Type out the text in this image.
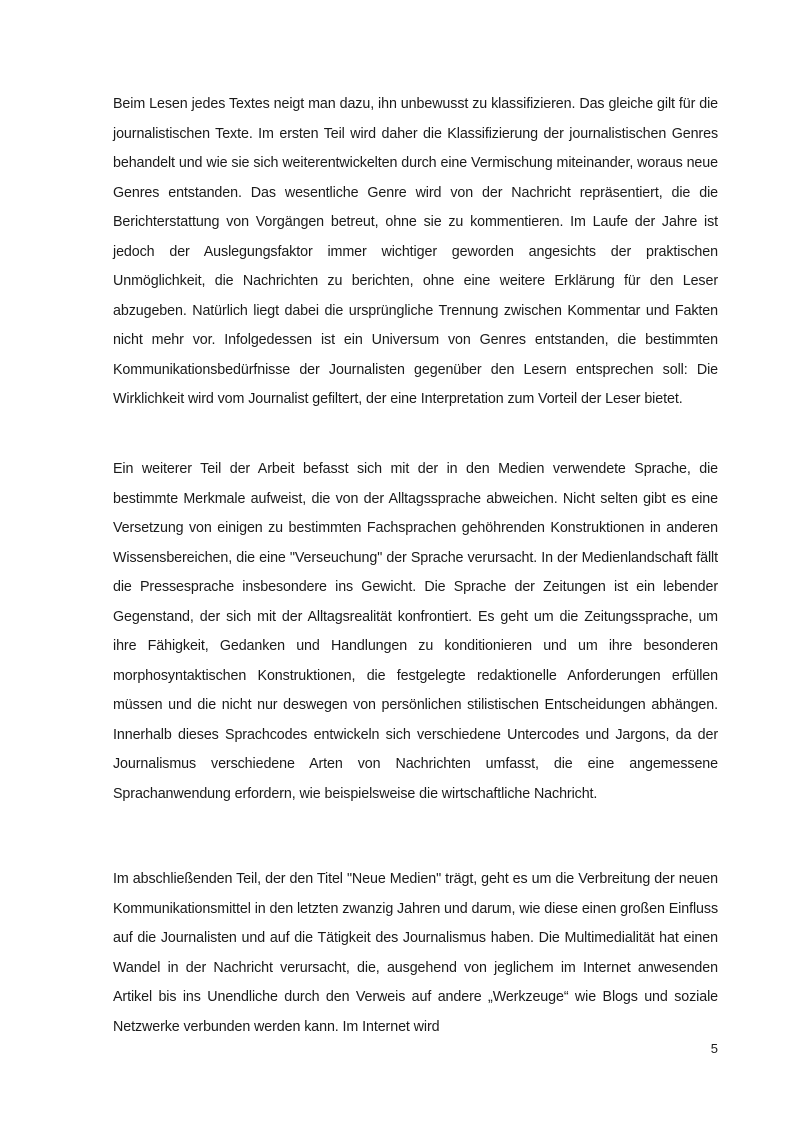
Beim Lesen jedes Textes neigt man dazu, ihn unbewusst zu klassifizieren. Das gleiche gilt für die journalistischen Texte. Im ersten Teil wird daher die Klassifizierung der journalistischen Genres behandelt und wie sie sich weiterentwickelten durch eine Vermischung miteinander, woraus neue Genres entstanden. Das wesentliche Genre wird von der Nachricht repräsentiert, die die Berichterstattung von Vorgängen betreut, ohne sie zu kommentieren. Im Laufe der Jahre ist jedoch der Auslegungsfaktor immer wichtiger geworden angesichts der praktischen Unmöglichkeit, die Nachrichten zu berichten, ohne eine weitere Erklärung für den Leser abzugeben. Natürlich liegt dabei die ursprüngliche Trennung zwischen Kommentar und Fakten nicht mehr vor. Infolgedessen ist ein Universum von Genres entstanden, die bestimmten Kommunikationsbedürfnisse der Journalisten gegenüber den Lesern entsprechen soll: Die Wirklichkeit wird vom Journalist gefiltert, der eine Interpretation zum Vorteil der Leser bietet.

Ein weiterer Teil der Arbeit befasst sich mit der in den Medien verwendete Sprache, die bestimmte Merkmale aufweist, die von der Alltagssprache abweichen. Nicht selten gibt es eine Versetzung von einigen zu bestimmten Fachsprachen gehöhrenden Konstruktionen in anderen Wissensbereichen, die eine "Verseuchung" der Sprache verursacht. In der Medienlandschaft fällt die Pressesprache insbesondere ins Gewicht. Die Sprache der Zeitungen ist ein lebender Gegenstand, der sich mit der Alltagsrealität konfrontiert. Es geht um die Zeitungssprache, um ihre Fähigkeit, Gedanken und Handlungen zu konditionieren und um ihre besonderen morphosyntaktischen Konstruktionen, die festgelegte redaktionelle Anforderungen erfüllen müssen und die nicht nur deswegen von persönlichen stilistischen Entscheidungen abhängen. Innerhalb dieses Sprachcodes entwickeln sich verschiedene Untercodes und Jargons, da der Journalismus verschiedene Arten von Nachrichten umfasst, die eine angemessene Sprachanwendung erfordern, wie beispielsweise die wirtschaftliche Nachricht.

Im abschließenden Teil, der den Titel "Neue Medien" trägt, geht es um die Verbreitung der neuen Kommunikationsmittel in den letzten zwanzig Jahren und darum, wie diese einen großen Einfluss auf die Journalisten und auf die Tätigkeit des Journalismus haben. Die Multimedialität hat einen Wandel in der Nachricht verursacht, die, ausgehend von jeglichem im Internet anwesenden Artikel bis ins Unendliche durch den Verweis auf andere „Werkzeuge“ wie Blogs und soziale Netzwerke verbunden werden kann. Im Internet wird

5
